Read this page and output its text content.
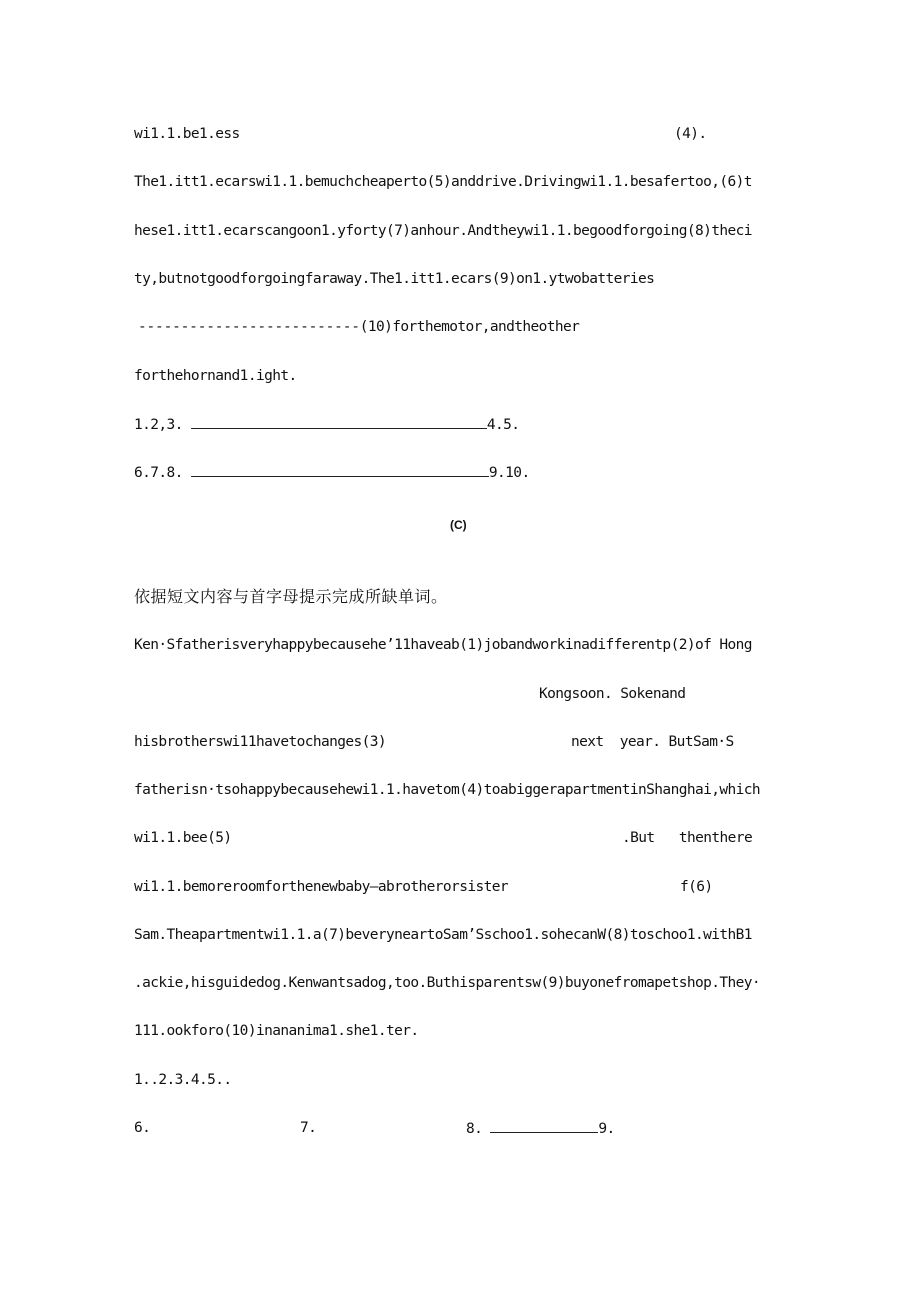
wi1.1.be1.ess	(4).
The1.itt1.ecarswi1.1.bemuchcheaperto(5)anddrive.Drivingwi1.1.besafertoo,(6)t
hese1.itt1.ecarscangoon1.yforty(7)anhour.Andtheywi1.1.begoodforgoing(8)theci
ty,butnotgoodforgoingfaraway.The1.itt1.ecars(9)on1.ytwobatteries
--------------------------(10)forthemotor,andtheother
forthehornand1.ight.
1.2,3.	4.5.
6.7.8.	9.10.
(C)
依据短文内容与首字母提示完成所缺单词。
Ken·Sfatherisveryhappybecausehe’11haveab(1)jobandworkinadifferentp(2)of Hong
Kongsoon. Sokenand
hisbrotherswi11havetochanges(3)	next  year. ButSam·S
fatherisn·tsohappybecausehewi1.1.havetom(4)toabiggerapartmentinShanghai,which
wi1.1.bee(5)	.But   thenthere
wi1.1.bemoreroomforthenewbaby—abrotherorsister	f(6)
Sam.Theapartmentwi1.1.a(7)beveryneartoSam’Sschoo1.sohecanW(8)toschoo1.withB1
.ackie,hisguidedog.Kenwantsadog,too.Buthisparentsw(9)buyonefromapetshop.They·
111.ookforo(10)inananima1.she1.ter.
1..2.3.4.5..
6.	7.	8.	9.
